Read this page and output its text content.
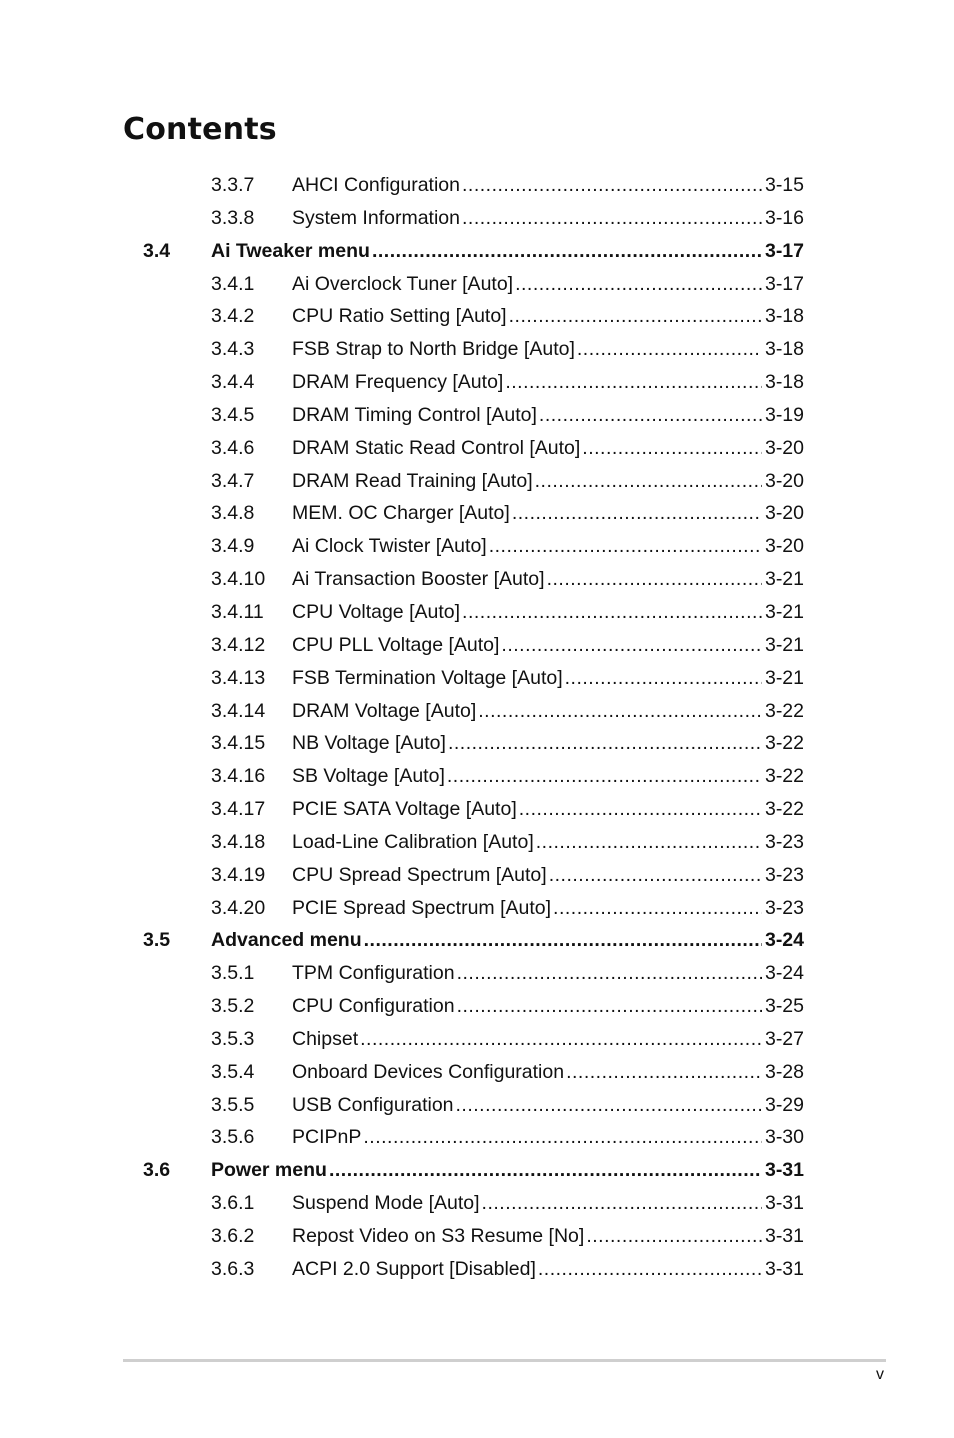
Contents
3.3.7 AHCI Configuration .....	3-15
3.3.8 System Information .....	3-16
3.4 Ai Tweaker menu .....	3-17
3.4.1 Ai Overclock Tuner [Auto] .....	3-17
3.4.2 CPU Ratio Setting [Auto] .....	3-18
3.4.3 FSB Strap to North Bridge [Auto] .....	3-18
3.4.4 DRAM Frequency [Auto] .....	3-18
3.4.5 DRAM Timing Control [Auto] .....	3-19
3.4.6 DRAM Static Read Control [Auto] .....	3-20
3.4.7 DRAM Read Training [Auto] .....	3-20
3.4.8 MEM. OC Charger [Auto] .....	3-20
3.4.9 Ai Clock Twister [Auto] .....	3-20
3.4.10 Ai Transaction Booster [Auto] .....	3-21
3.4.11 CPU Voltage [Auto] .....	3-21
3.4.12 CPU PLL Voltage [Auto] .....	3-21
3.4.13 FSB Termination Voltage [Auto] .....	3-21
3.4.14 DRAM Voltage [Auto] .....	3-22
3.4.15 NB Voltage [Auto] .....	3-22
3.4.16 SB Voltage [Auto] .....	3-22
3.4.17 PCIE SATA Voltage [Auto] .....	3-22
3.4.18 Load-Line Calibration [Auto] .....	3-23
3.4.19 CPU Spread Spectrum [Auto] .....	3-23
3.4.20 PCIE Spread Spectrum [Auto] .....	3-23
3.5 Advanced menu .....	3-24
3.5.1 TPM Configuration .....	3-24
3.5.2 CPU Configuration .....	3-25
3.5.3 Chipset .....	3-27
3.5.4 Onboard Devices Configuration .....	3-28
3.5.5 USB Configuration .....	3-29
3.5.6 PCIPnP .....	3-30
3.6 Power menu .....	3-31
3.6.1 Suspend Mode [Auto] .....	3-31
3.6.2 Repost Video on S3 Resume [No] .....	3-31
3.6.3 ACPI 2.0 Support [Disabled] .....	3-31
v
